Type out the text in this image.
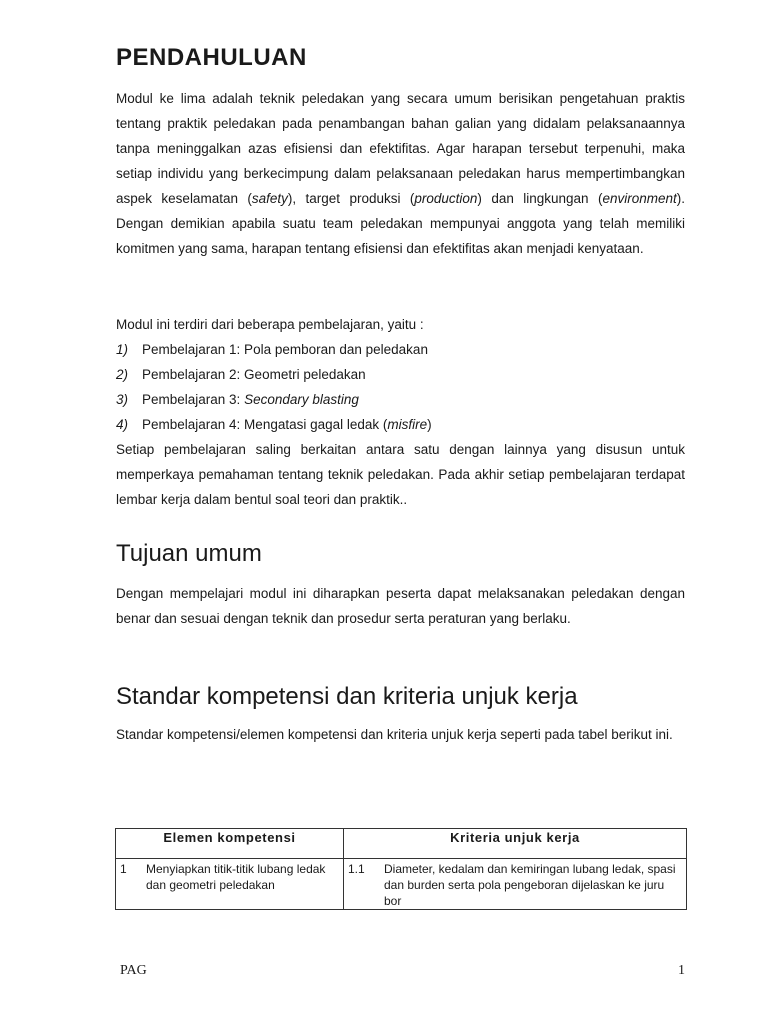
PENDAHULUAN

Modul ke lima adalah teknik peledakan yang secara umum berisikan pengetahuan praktis tentang praktik peledakan pada penambangan bahan galian yang didalam pelaksanaannya tanpa meninggalkan azas efisiensi dan efektifitas. Agar harapan tersebut terpenuhi, maka setiap individu yang berkecimpung dalam pelaksanaan peledakan harus mempertimbangkan aspek keselamatan (safety), target produksi (production) dan lingkungan (environment). Dengan demikian apabila suatu team peledakan mempunyai anggota yang telah memiliki komitmen yang sama, harapan tentang efisiensi dan efektifitas akan menjadi kenyataan.

Modul ini terdiri dari beberapa pembelajaran, yaitu :

1)	Pembelajaran 1: Pola pemboran dan peledakan
2)	Pembelajaran 2: Geometri peledakan
3)	Pembelajaran 3: Secondary blasting
4)	Pembelajaran 4: Mengatasi gagal ledak (misfire)

Setiap pembelajaran saling berkaitan antara satu dengan lainnya yang disusun untuk memperkaya pemahaman tentang teknik peledakan. Pada akhir setiap pembelajaran terdapat lembar kerja dalam bentul soal teori dan praktik..

Tujuan umum

Dengan mempelajari modul ini diharapkan peserta dapat melaksanakan peledakan dengan benar dan sesuai dengan teknik dan prosedur serta peraturan yang berlaku.

Standar kompetensi dan kriteria unjuk kerja

Standar kompetensi/elemen kompetensi dan kriteria unjuk kerja seperti pada tabel berikut ini.

Elemen kompetensi	Kriteria unjuk kerja
1 Menyiapkan titik-titik lubang ledak dan geometri peledakan	1.1 Diameter, kedalam dan kemiringan lubang ledak, spasi dan burden serta pola pengeboran dijelaskan ke juru bor
PAG	1
